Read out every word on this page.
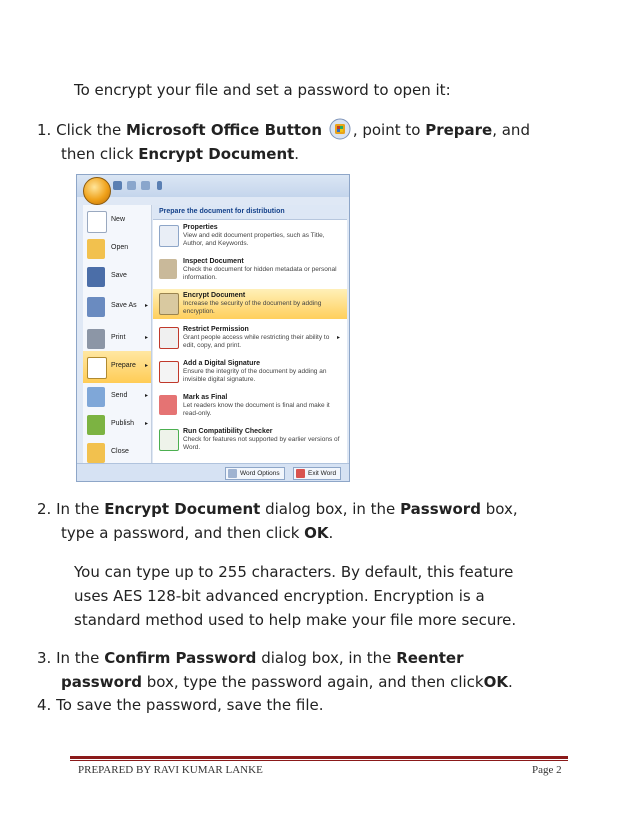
To encrypt your file and set a password to open it:
1. Click the Microsoft Office Button , point to Prepare, and
then click Encrypt Document.
New
Open
Save
Save As ▸
Print	▸
Prepare ▸
Send	▸
Publish ▸
Close
Prepare the document for distribution
Properties
View and edit document properties, such as Title, Author, and Keywords.
Inspect Document
Check the document for hidden metadata or personal information.
Encrypt Document
Increase the security of the document by adding encryption.
Restrict Permission
Grant people access while restricting their ability to edit, copy, and print.
▸
Add a Digital Signature
Ensure the integrity of the document by adding an invisible digital signature.
Mark as Final
Let readers know the document is final and make it read-only.
Run Compatibility Checker
Check for features not supported by earlier versions of Word.
Word Options	Exit Word
2. In the Encrypt Document dialog box, in the Password box,
type a password, and then click OK.
You can type up to 255 characters. By default, this feature
uses AES 128-bit advanced encryption. Encryption is a
standard method used to help make your file more secure.
3. In the Confirm Password dialog box, in the Reenter
password box, type the password again, and then clickOK.
4. To save the password, save the file.
PREPARED BY RAVI KUMAR LANKE	Page 2
